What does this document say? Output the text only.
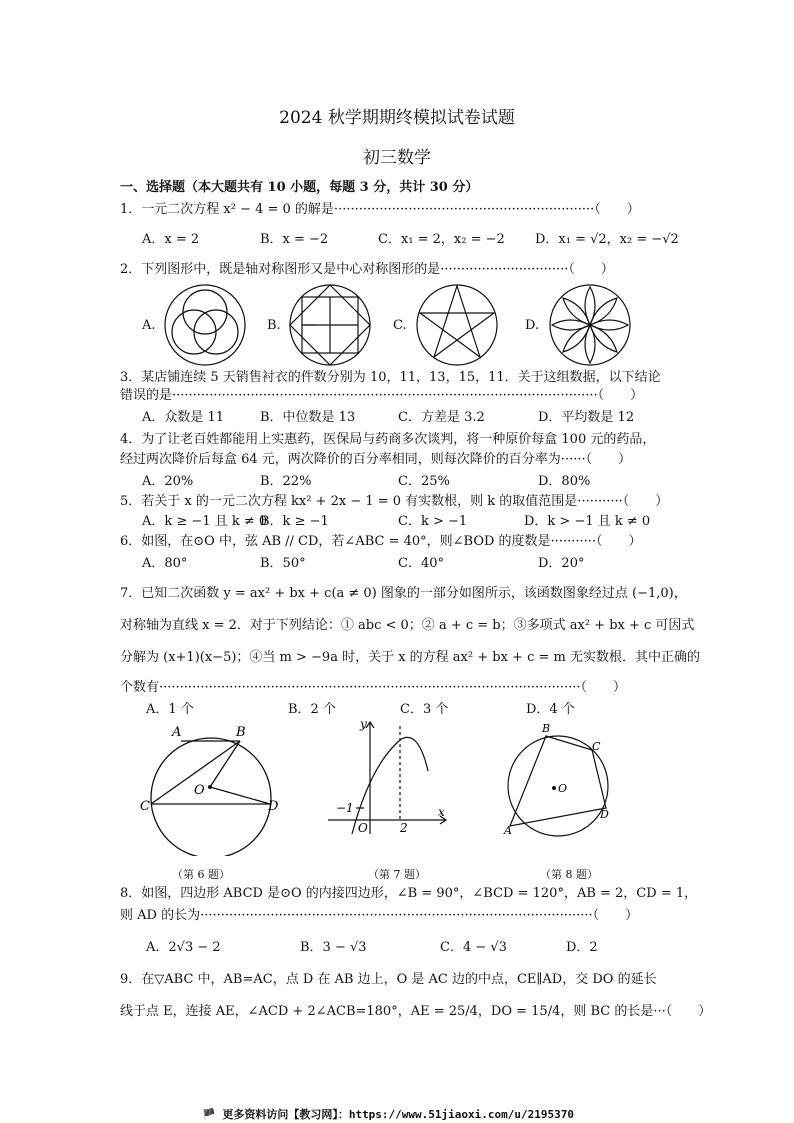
2024 秋学期期终模拟试卷试题
初三数学
一、选择题（本大题共有 10 小题，每题 3 分，共计 30 分）
1．一元二次方程 x² − 4 = 0 的解是·······························································（　　）
A．x = 2	B．x = −2	C．x₁ = 2，x₂ = −2 D．x₁ = √2，x₂ = −√2
2．下列图形中，既是轴对称图形又是中心对称图形的是·······························（　　）
A.	B.	C.	D.
3．某店铺连续 5 天销售衬衣的件数分别为 10，11，13，15，11．关于这组数据，以下结论
错误的是·······································································································（　　）
A．众数是 11	B．中位数是 13	C．方差是 3.2	D．平均数是 12
4．为了让老百姓都能用上实惠药，医保局与药商多次谈判，将一种原价每盒 100 元的药品，
经过两次降价后每盒 64 元，两次降价的百分率相同，则每次降价的百分率为······（　　）
A．20%	B．22%	C．25%	D．80%
5．若关于 x 的一元二次方程 kx² + 2x − 1 = 0 有实数根，则 k 的取值范围是···········（　　）
A．k ≥ −1 且 k ≠ 0
B．k ≥ −1	C．k > −1	D．k > −1 且 k ≠ 0
6．如图，在⊙O 中，弦 AB // CD，若∠ABC = 40°，则∠BOD 的度数是···········（　　）
A．80°	B．50°	C．40°	D．20°
7．已知二次函数 y = ax² + bx + c(a ≠ 0) 图象的一部分如图所示，该函数图象经过点 (−1,0)，
对称轴为直线 x = 2．对于下列结论：① abc < 0；② a + c = b；③多项式 ax² + bx + c 可因式
分解为 (x+1)(x−5)；④当 m > −9a 时，关于 x 的方程 ax² + bx + c = m 无实数根．其中正确的
个数有······································································································（　　）
A．1 个	B．2 个	C．3 个	D．4 个
A	B
C	D
O
（第 6 题）
y
x
O
−1
2
（第 7 题）
B
C
D
A
O
（第 8 题）
8．如图，四边形 ABCD 是⊙O 的内接四边形，∠B = 90°，∠BCD = 120°，AB = 2，CD = 1，
则 AD 的长为·······························································································（　　）
A．2√3 − 2	B．3 − √3	C．4 − √3	D．2
9．在▽ABC 中，AB=AC，点 D 在 AB 边上，O 是 AC 边的中点，CE∥AD，交 DO 的延长
线于点 E，连接 AE，∠ACD + 2∠ACB=180°，AE = 25/4，DO = 15/4，则 BC 的长是···（　　）
🏴 更多资料访问【教习网】：https://www.51jiaoxi.com/u/2195370
